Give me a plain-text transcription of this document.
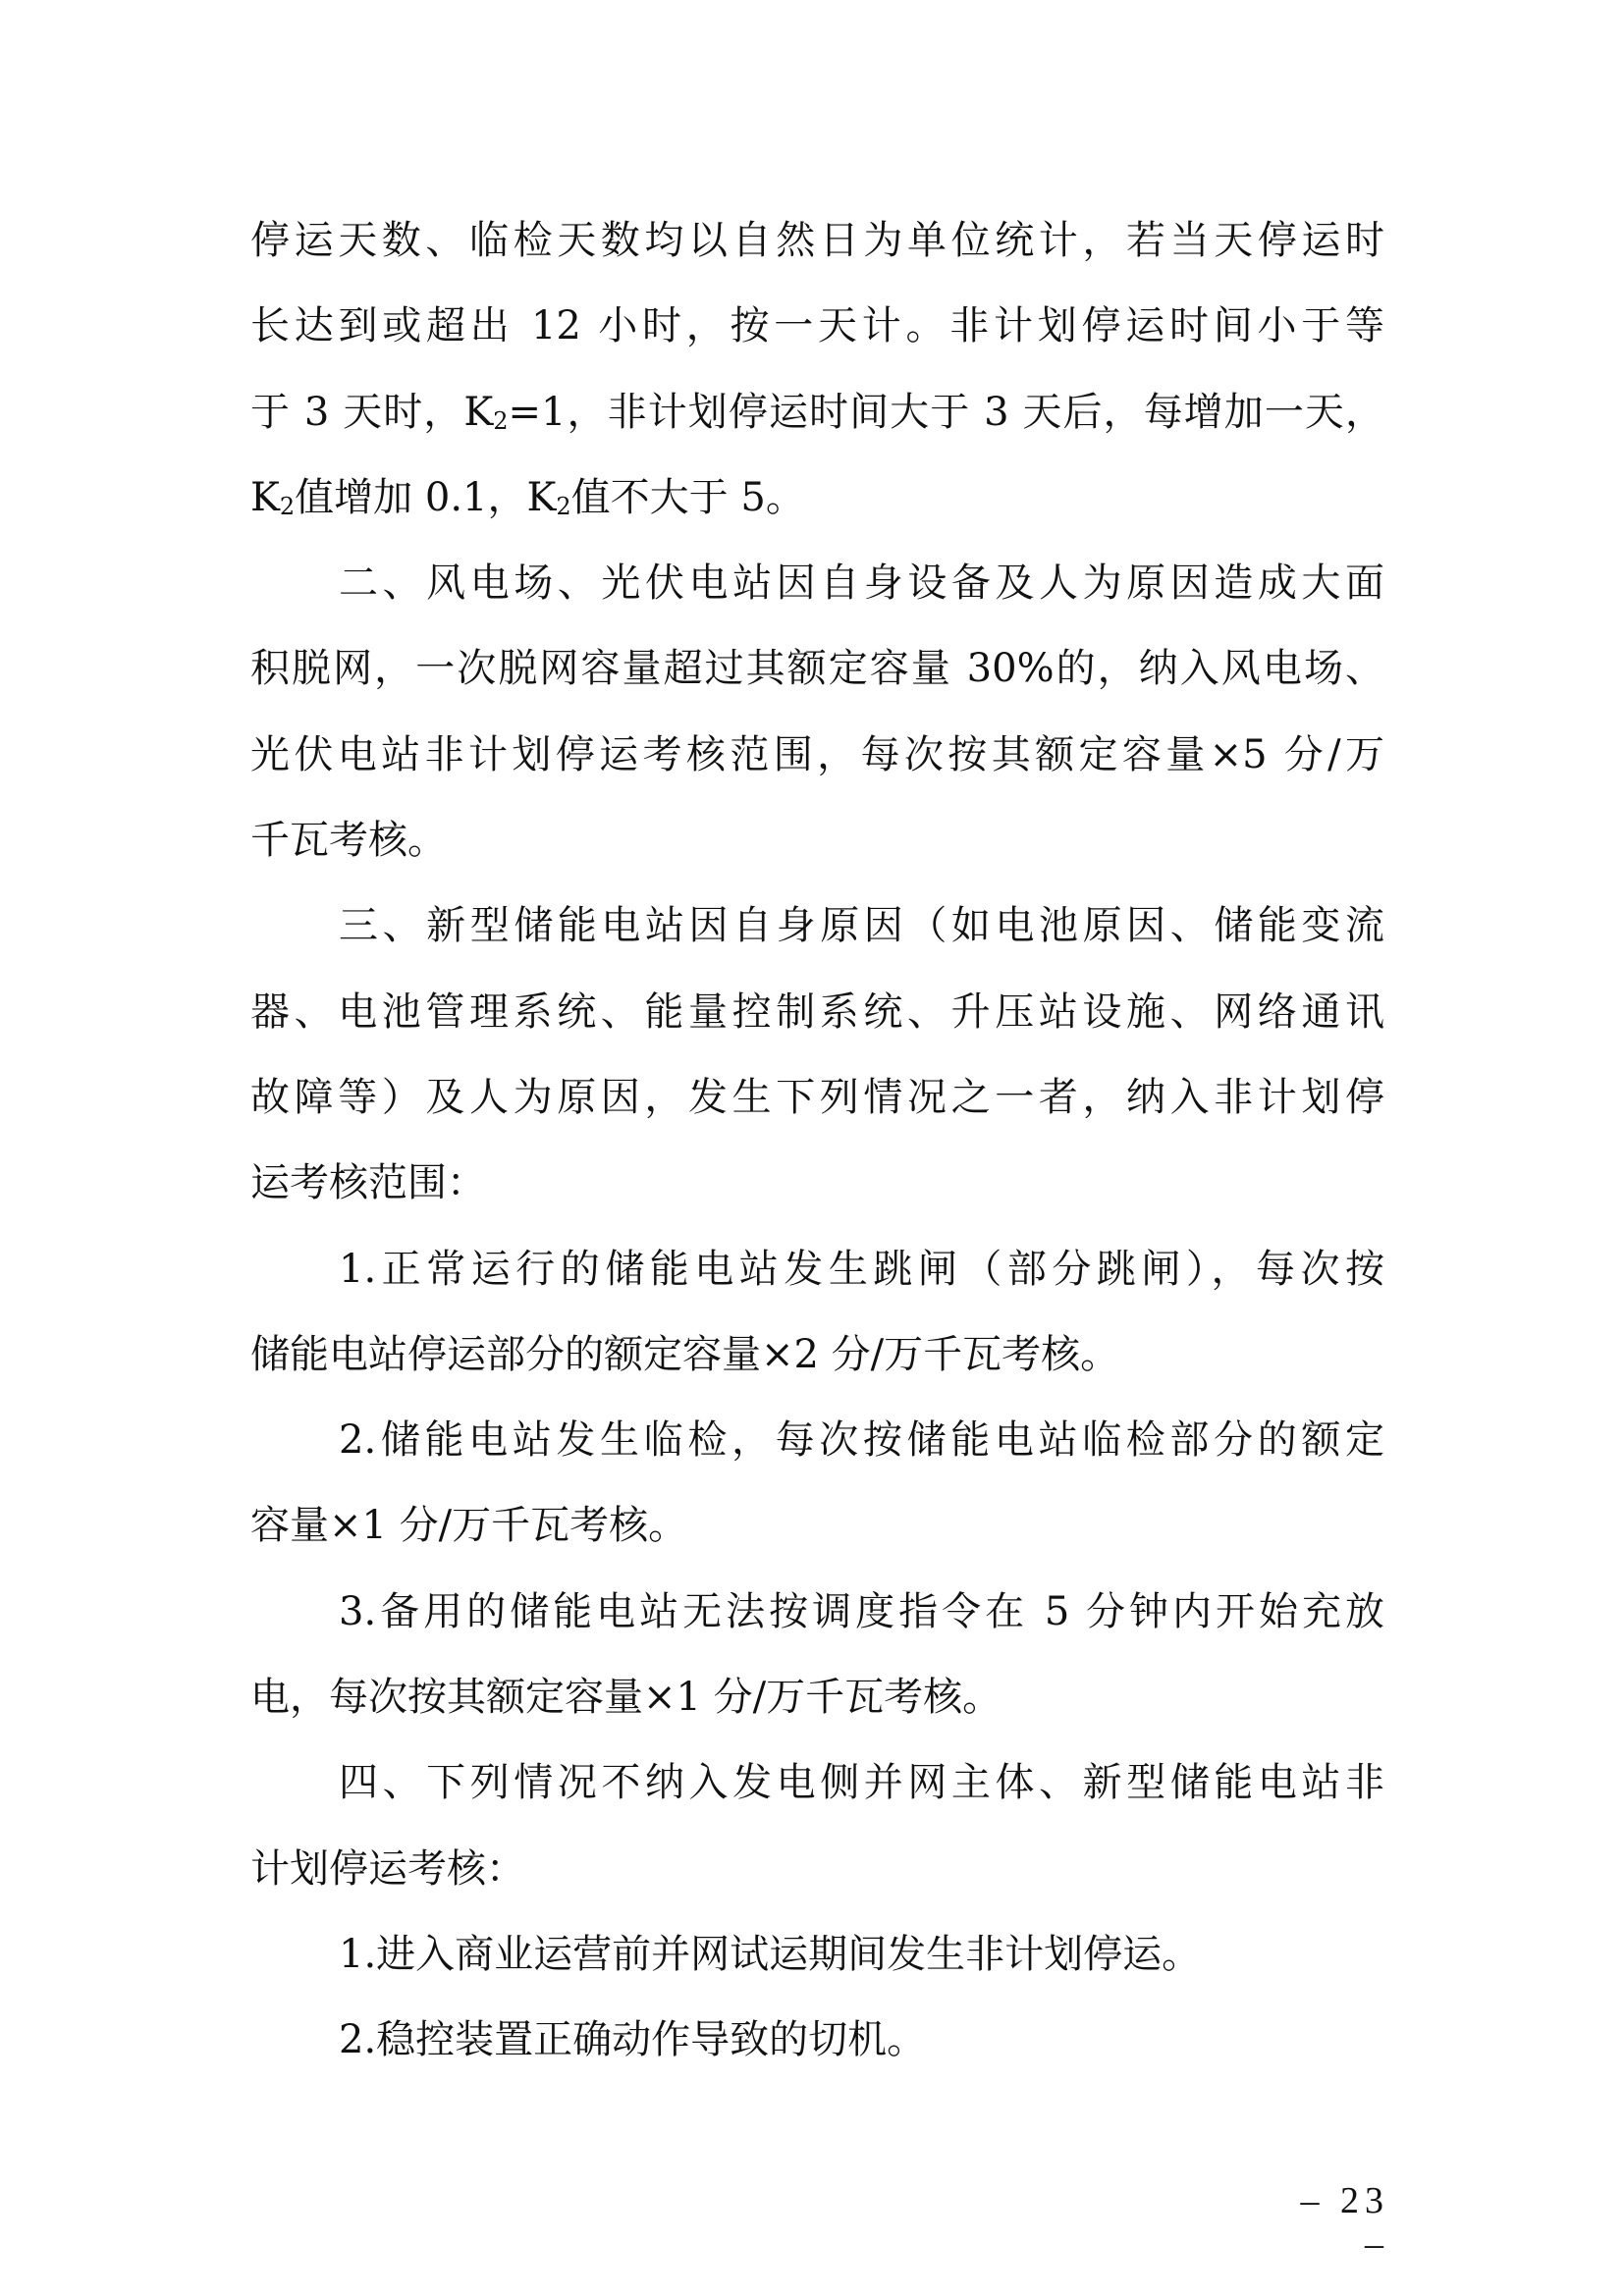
停运天数、临检天数均以自然日为单位统计，若当天停运时
长达到或超出 12 小时，按一天计。非计划停运时间小于等
于 3 天时，$K_2=1$，非计划停运时间大于 3 天后，每增加一天，
$K_2$值增加 0.1，$K_2$值不大于 5。
二、风电场、光伏电站因自身设备及人为原因造成大面
积脱网，一次脱网容量超过其额定容量 30%的，纳入风电场、
光伏电站非计划停运考核范围，每次按其额定容量×5 分/万
千瓦考核。
三、新型储能电站因自身原因（如电池原因、储能变流
器、电池管理系统、能量控制系统、升压站设施、网络通讯
故障等）及人为原因，发生下列情况之一者，纳入非计划停
运考核范围：
1.正常运行的储能电站发生跳闸（部分跳闸），每次按
储能电站停运部分的额定容量×2 分/万千瓦考核。
2.储能电站发生临检，每次按储能电站临检部分的额定
容量×1 分/万千瓦考核。
3.备用的储能电站无法按调度指令在 5 分钟内开始充放
电，每次按其额定容量×1 分/万千瓦考核。
四、下列情况不纳入发电侧并网主体、新型储能电站非
计划停运考核：
1.进入商业运营前并网试运期间发生非计划停运。
2.稳控装置正确动作导致的切机。
– 23 –
